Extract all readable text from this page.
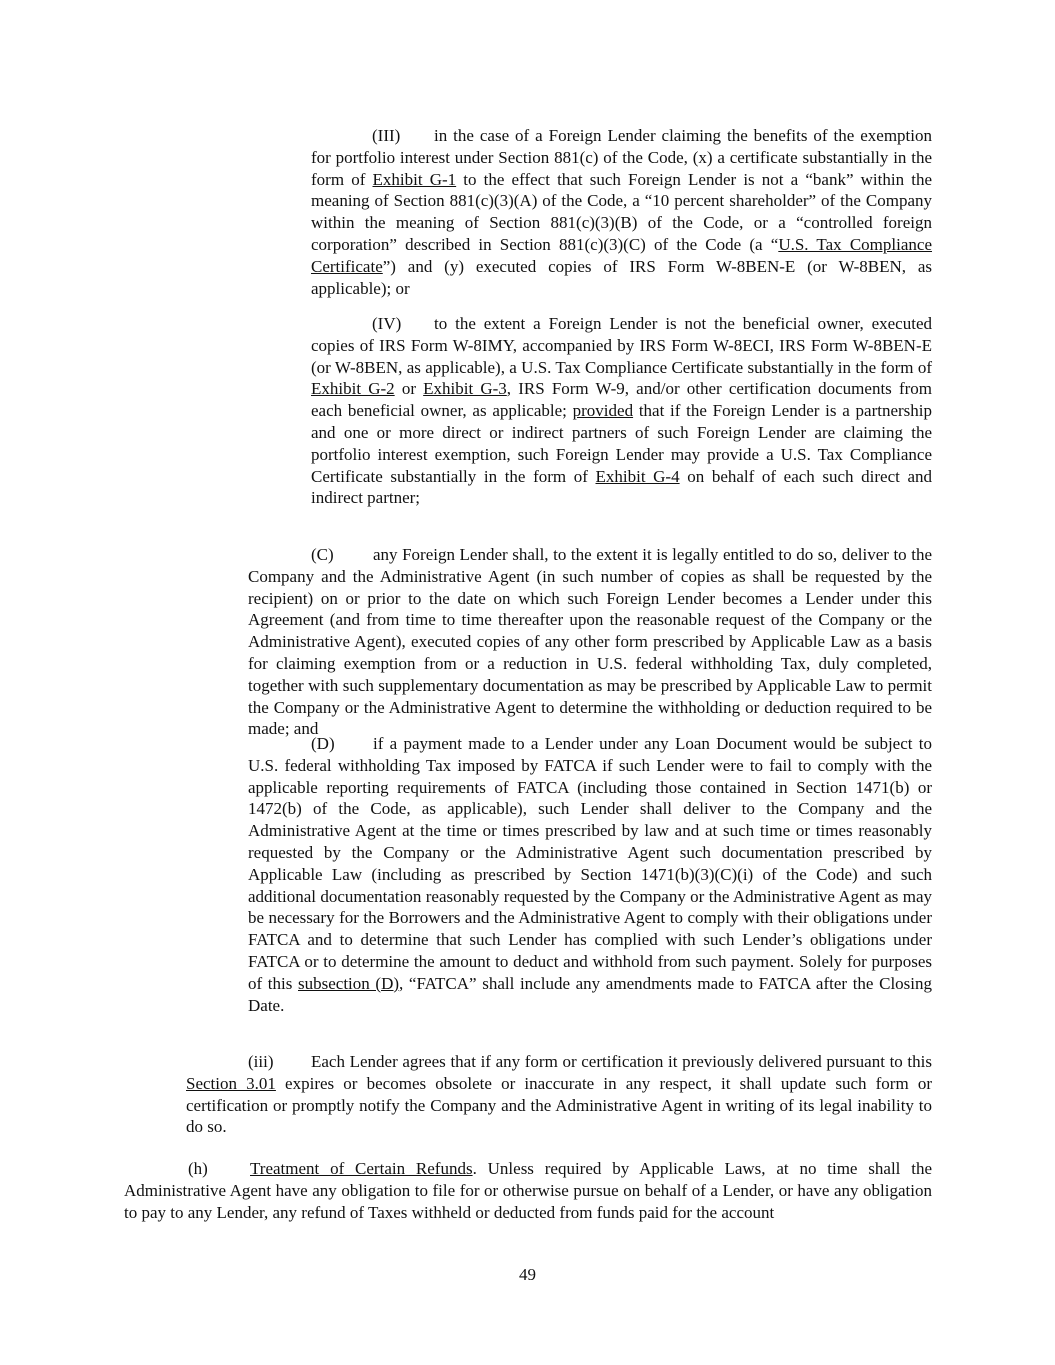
(III) in the case of a Foreign Lender claiming the benefits of the exemption for portfolio interest under Section 881(c) of the Code, (x) a certificate substantially in the form of Exhibit G-1 to the effect that such Foreign Lender is not a “bank” within the meaning of Section 881(c)(3)(A) of the Code, a “10 percent shareholder” of the Company within the meaning of Section 881(c)(3)(B) of the Code, or a “controlled foreign corporation” described in Section 881(c)(3)(C) of the Code (a “U.S. Tax Compliance Certificate”) and (y) executed copies of IRS Form W-8BEN-E (or W-8BEN, as applicable); or

(IV) to the extent a Foreign Lender is not the beneficial owner, executed copies of IRS Form W-8IMY, accompanied by IRS Form W-8ECI, IRS Form W-8BEN-E (or W-8BEN, as applicable), a U.S. Tax Compliance Certificate substantially in the form of Exhibit G-2 or Exhibit G-3, IRS Form W-9, and/or other certification documents from each beneficial owner, as applicable; provided that if the Foreign Lender is a partnership and one or more direct or indirect partners of such Foreign Lender are claiming the portfolio interest exemption, such Foreign Lender may provide a U.S. Tax Compliance Certificate substantially in the form of Exhibit G-4 on behalf of each such direct and indirect partner;

(C) any Foreign Lender shall, to the extent it is legally entitled to do so, deliver to the Company and the Administrative Agent (in such number of copies as shall be requested by the recipient) on or prior to the date on which such Foreign Lender becomes a Lender under this Agreement (and from time to time thereafter upon the reasonable request of the Company or the Administrative Agent), executed copies of any other form prescribed by Applicable Law as a basis for claiming exemption from or a reduction in U.S. federal withholding Tax, duly completed, together with such supplementary documentation as may be prescribed by Applicable Law to permit the Company or the Administrative Agent to determine the withholding or deduction required to be made; and

(D) if a payment made to a Lender under any Loan Document would be subject to U.S. federal withholding Tax imposed by FATCA if such Lender were to fail to comply with the applicable reporting requirements of FATCA (including those contained in Section 1471(b) or 1472(b) of the Code, as applicable), such Lender shall deliver to the Company and the Administrative Agent at the time or times prescribed by law and at such time or times reasonably requested by the Company or the Administrative Agent such documentation prescribed by Applicable Law (including as prescribed by Section 1471(b)(3)(C)(i) of the Code) and such additional documentation reasonably requested by the Company or the Administrative Agent as may be necessary for the Borrowers and the Administrative Agent to comply with their obligations under FATCA and to determine that such Lender has complied with such Lender’s obligations under FATCA or to determine the amount to deduct and withhold from such payment. Solely for purposes of this subsection (D), “FATCA” shall include any amendments made to FATCA after the Closing Date.

(iii) Each Lender agrees that if any form or certification it previously delivered pursuant to this Section 3.01 expires or becomes obsolete or inaccurate in any respect, it shall update such form or certification or promptly notify the Company and the Administrative Agent in writing of its legal inability to do so.

(h) Treatment of Certain Refunds. Unless required by Applicable Laws, at no time shall the Administrative Agent have any obligation to file for or otherwise pursue on behalf of a Lender, or have any obligation to pay to any Lender, any refund of Taxes withheld or deducted from funds paid for the account

49
